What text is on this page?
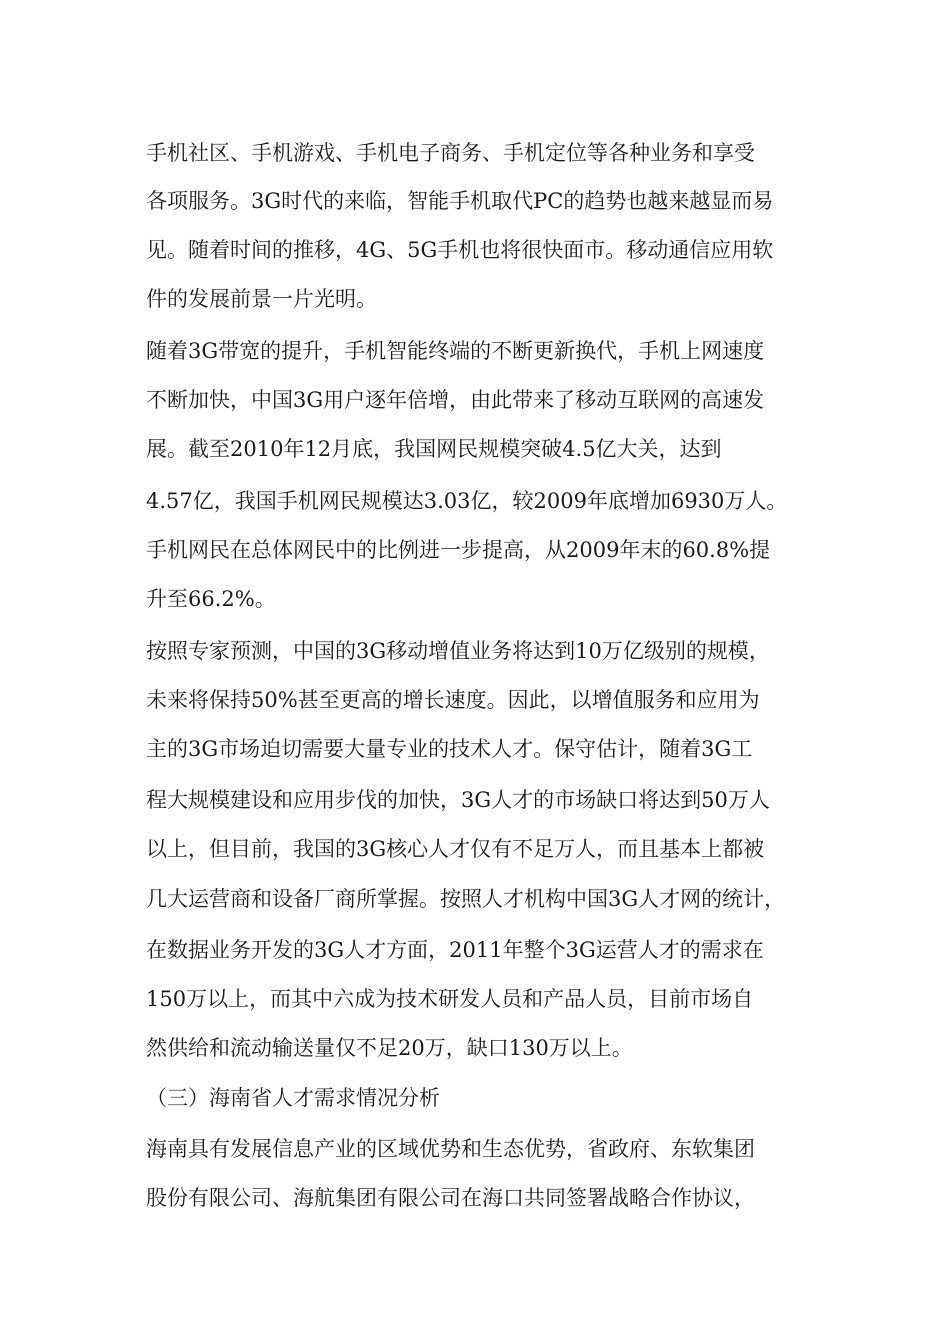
手机社区、手机游戏、手机电子商务、手机定位等各种业务和享受
各项服务。3G时代的来临，智能手机取代PC的趋势也越来越显而易
见。随着时间的推移，4G、5G手机也将很快面市。移动通信应用软
件的发展前景一片光明。
随着3G带宽的提升，手机智能终端的不断更新换代，手机上网速度
不断加快，中国3G用户逐年倍增，由此带来了移动互联网的高速发
展。截至2010年12月底，我国网民规模突破4.5亿大关，达到
4.57亿，我国手机网民规模达3.03亿，较2009年底增加6930万人。
手机网民在总体网民中的比例进一步提高，从2009年末的60.8%提
升至66.2%。
按照专家预测，中国的3G移动增值业务将达到10万亿级别的规模，
未来将保持50%甚至更高的增长速度。因此，以增值服务和应用为
主的3G市场迫切需要大量专业的技术人才。保守估计，随着3G工
程大规模建设和应用步伐的加快，3G人才的市场缺口将达到50万人
以上，但目前，我国的3G核心人才仅有不足万人，而且基本上都被
几大运营商和设备厂商所掌握。按照人才机构中国3G人才网的统计，
在数据业务开发的3G人才方面，2011年整个3G运营人才的需求在
150万以上，而其中六成为技术研发人员和产品人员，目前市场自
然供给和流动输送量仅不足20万，缺口130万以上。
（三）海南省人才需求情况分析
海南具有发展信息产业的区域优势和生态优势，省政府、东软集团
股份有限公司、海航集团有限公司在海口共同签署战略合作协议，
